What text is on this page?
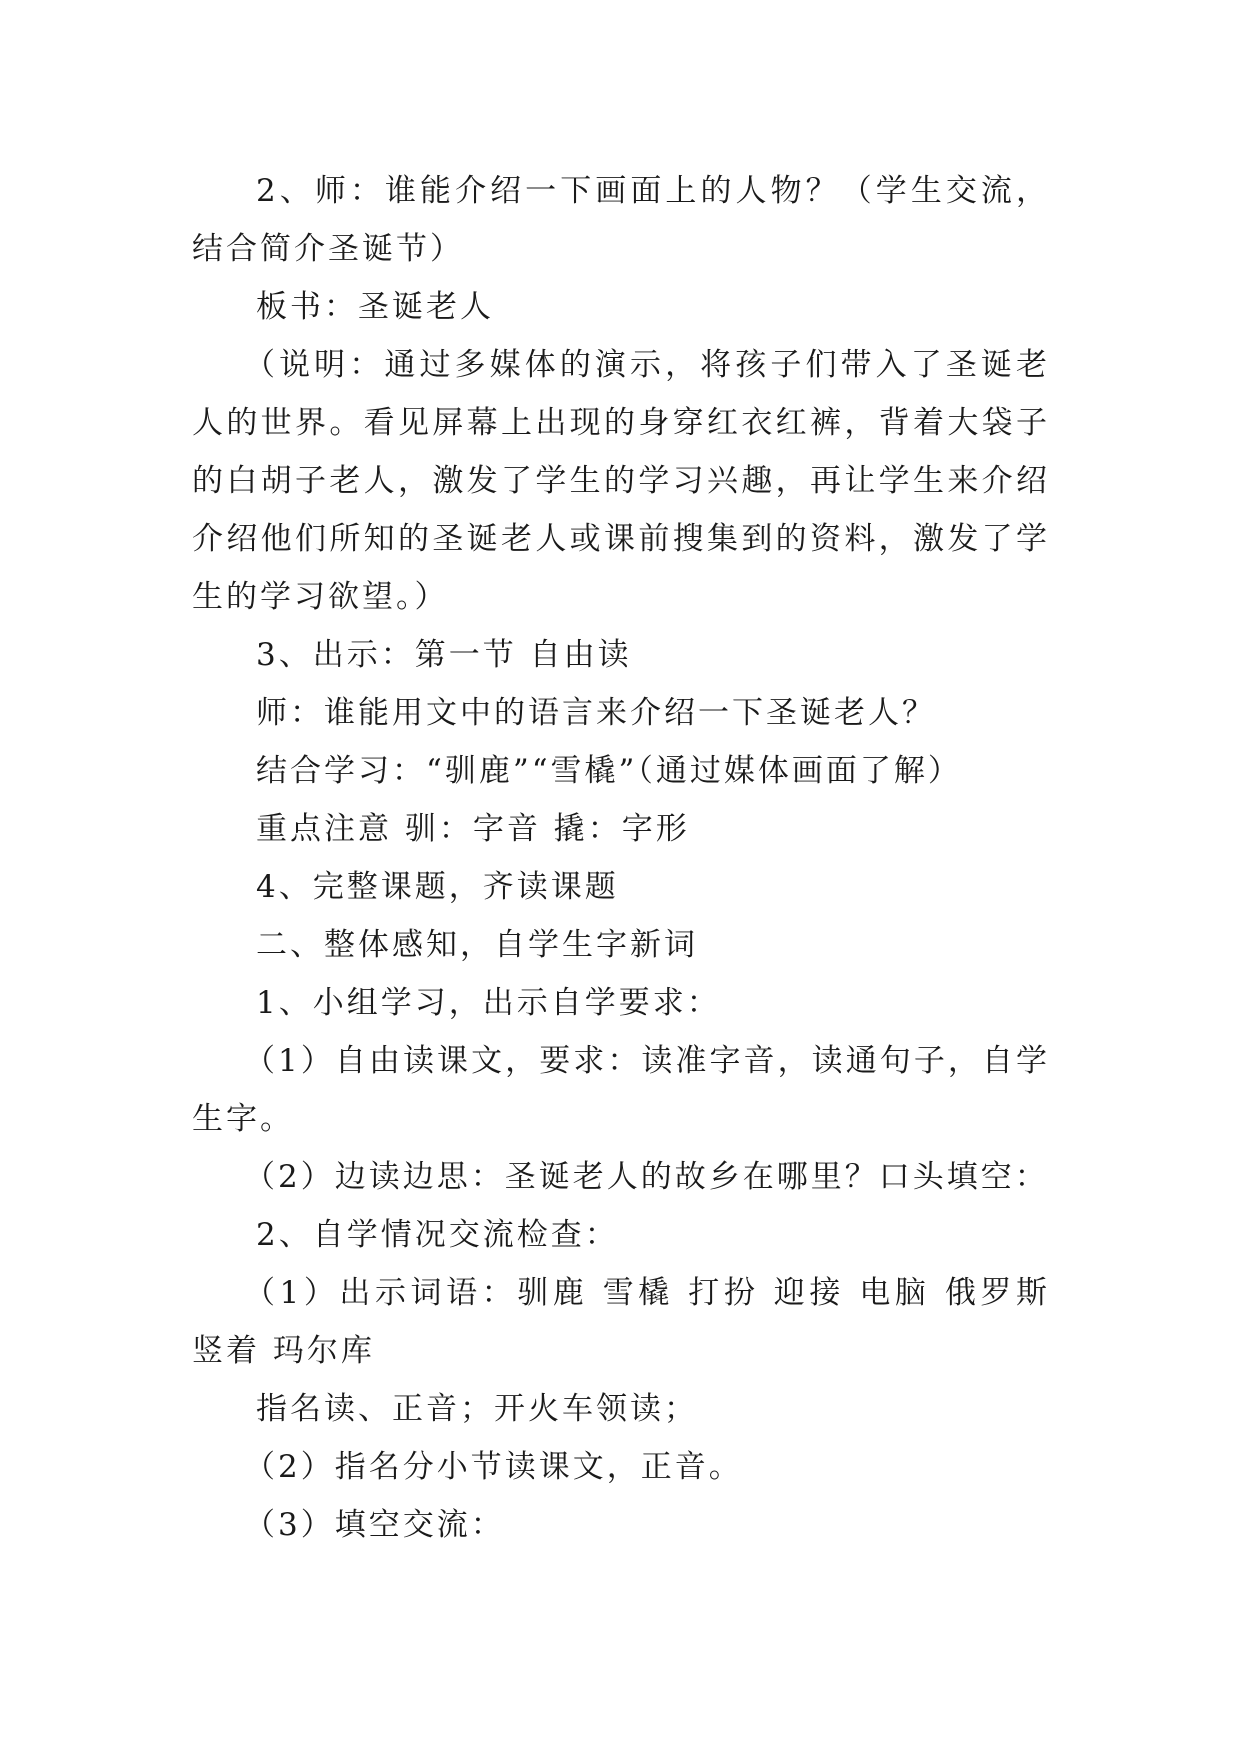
2、师：谁能介绍一下画面上的人物？（学生交流，结合简介圣诞节）

板书：圣诞老人

（说明：通过多媒体的演示，将孩子们带入了圣诞老人的世界。看见屏幕上出现的身穿红衣红裤，背着大袋子的白胡子老人，激发了学生的学习兴趣，再让学生来介绍介绍他们所知的圣诞老人或课前搜集到的资料，激发了学生的学习欲望。）

3、出示：第一节 自由读

师：谁能用文中的语言来介绍一下圣诞老人？

结合学习：“驯鹿”“雪橇”（通过媒体画面了解）

重点注意 驯：字音 撬：字形

4、完整课题，齐读课题

二、整体感知，自学生字新词

1、小组学习，出示自学要求：

（1）自由读课文，要求：读准字音，读通句子，自学生字。

（2）边读边思：圣诞老人的故乡在哪里？口头填空：

2、自学情况交流检查：

（1）出示词语：驯鹿 雪橇 打扮 迎接 电脑 俄罗斯 竖着 玛尔库

指名读、正音；开火车领读；

（2）指名分小节读课文，正音。

（3）填空交流：
